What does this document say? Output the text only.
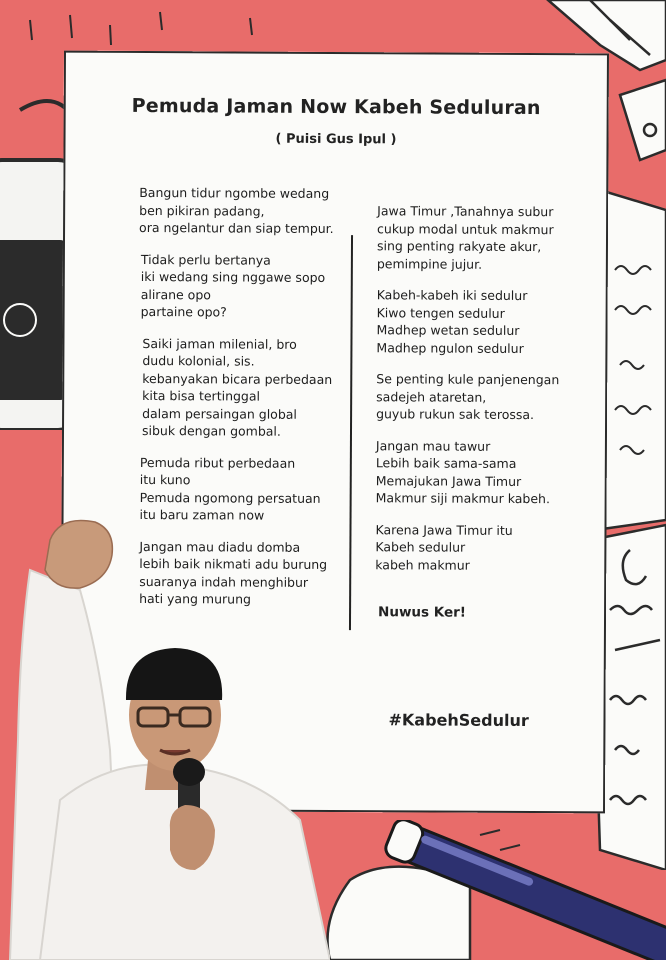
Pemuda Jaman Now Kabeh Seduluran
( Puisi Gus Ipul )
Bangun tidur ngombe wedang
ben pikiran padang,
ora ngelantur dan siap tempur.
Tidak perlu bertanya
iki wedang sing nggawe sopo
alirane opo
partaine opo?
Saiki jaman milenial, bro
dudu kolonial, sis.
kebanyakan bicara perbedaan
kita bisa tertinggal
dalam persaingan global
sibuk dengan gombal.
Pemuda ribut perbedaan
itu kuno
Pemuda ngomong persatuan
itu baru zaman now
Jangan mau diadu domba
lebih baik nikmati adu burung
suaranya indah menghibur
hati yang murung
Jawa Timur ,Tanahnya subur
cukup modal untuk makmur
sing penting rakyate akur,
pemimpine jujur.
Kabeh-kabeh iki sedulur
Kiwo tengen sedulur
Madhep wetan sedulur
Madhep ngulon sedulur
Se penting kule panjenengan
sadejeh ataretan,
guyub rukun sak terossa.
Jangan mau tawur
Lebih baik sama-sama
Memajukan Jawa Timur
Makmur siji makmur kabeh.
Karena Jawa Timur itu
Kabeh sedulur
kabeh makmur
Nuwus Ker!
#KabehSedulur
